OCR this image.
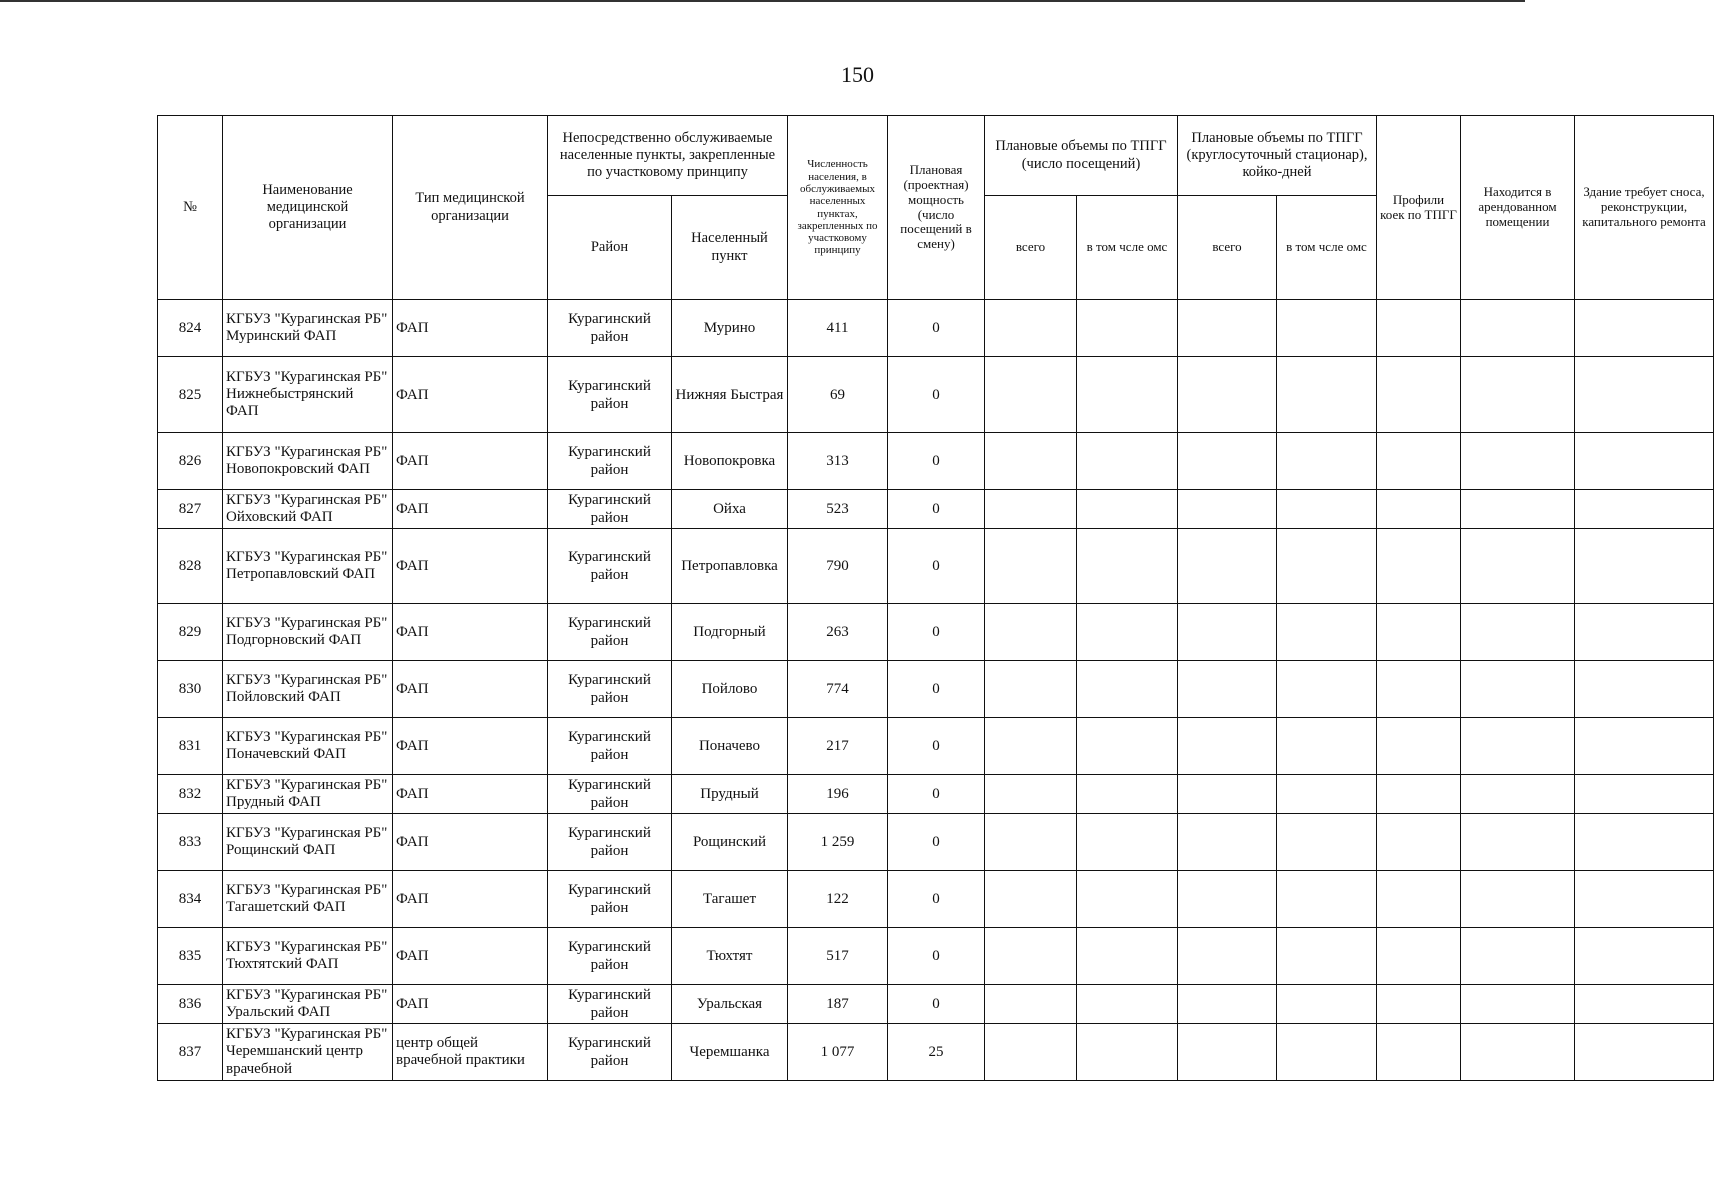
150
№	Наименование медицинской организации	Тип медицинской организации	Непосредственно обслуживаемые населенные пункты, закрепленные по участковому принципу		Численность населения, в обслуживаемых населенных пунктах, закрепленных по участковому принципу	Плановая (проектная) мощность (число посещений в смену)	Плановые объемы по ТПГГ (число посещений)		Плановые объемы по ТПГГ (круглосуточный стационар), койко-дней		Профили коек по ТПГГ	Находится в арендованном помещении	Здание требует сноса, реконструкции, капитального ремонта
			Район	Населенный пункт			всего	в том чсле омс	всего	в том чсле омс			
824	КГБУЗ "Курагинская РБ" Муринский ФАП	ФАП	Курагинский район	Мурино	411	0							
825	КГБУЗ "Курагинская РБ" Нижнебыстрянский ФАП	ФАП	Курагинский район	Нижняя Быстрая	69	0							
826	КГБУЗ "Курагинская РБ" Новопокровский ФАП	ФАП	Курагинский район	Новопокровка	313	0							
827	КГБУЗ "Курагинская РБ" Ойховский ФАП	ФАП	Курагинский район	Ойха	523	0							
828	КГБУЗ "Курагинская РБ" Петропавловский ФАП	ФАП	Курагинский район	Петропавловка	790	0							
829	КГБУЗ "Курагинская РБ" Подгорновский ФАП	ФАП	Курагинский район	Подгорный	263	0							
830	КГБУЗ "Курагинская РБ" Пойловский ФАП	ФАП	Курагинский район	Пойлово	774	0							
831	КГБУЗ "Курагинская РБ" Поначевский ФАП	ФАП	Курагинский район	Поначево	217	0							
832	КГБУЗ "Курагинская РБ" Прудный ФАП	ФАП	Курагинский район	Прудный	196	0							
833	КГБУЗ "Курагинская РБ" Рощинский ФАП	ФАП	Курагинский район	Рощинский	1 259	0							
834	КГБУЗ "Курагинская РБ" Тагашетский ФАП	ФАП	Курагинский район	Тагашет	122	0							
835	КГБУЗ "Курагинская РБ" Тюхтятский ФАП	ФАП	Курагинский район	Тюхтят	517	0							
836	КГБУЗ "Курагинская РБ" Уральский ФАП	ФАП	Курагинский район	Уральская	187	0							
837	КГБУЗ "Курагинская РБ" Черемшанский центр врачебной	центр общей врачебной практики	Курагинский район	Черемшанка	1 077	25							
